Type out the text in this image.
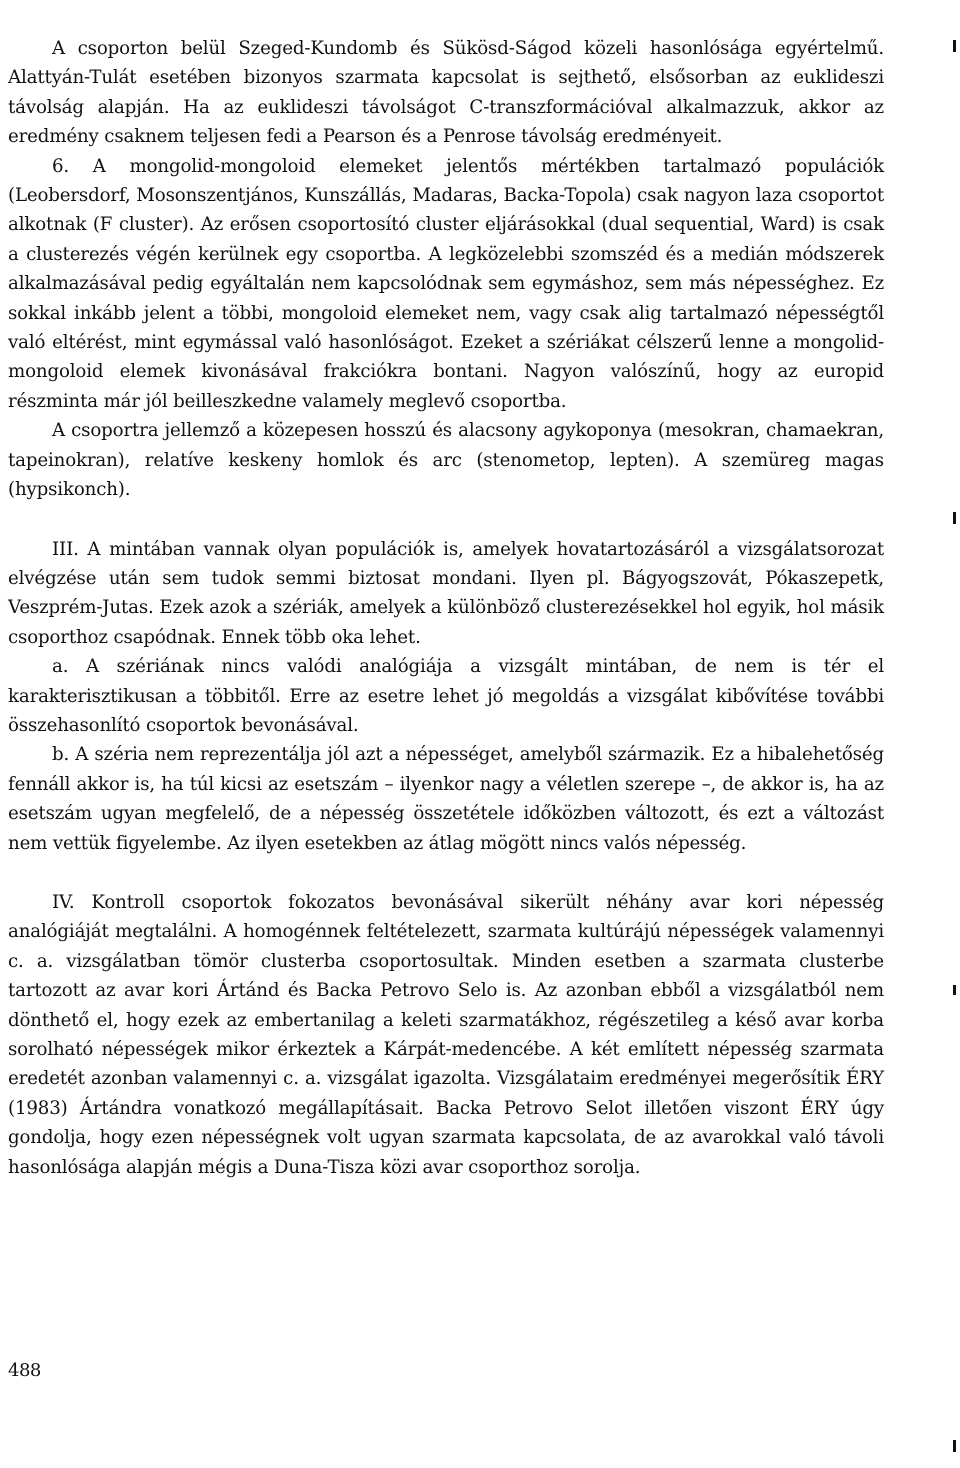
A csoporton belül Szeged-Kundomb és Sükösd-Ságod közeli hasonlósága egyértelmű. Alattyán-Tulát esetében bizonyos szarmata kapcsolat is sejthető, elsősorban az euklideszi távolság alapján. Ha az euklideszi távolságot C-transzformációval alkalmazzuk, akkor az eredmény csaknem teljesen fedi a Pearson és a Penrose távolság eredményeit.

6. A mongolid-mongoloid elemeket jelentős mértékben tartalmazó populációk (Leobersdorf, Mosonszentjános, Kunszállás, Madaras, Backa-Topola) csak nagyon laza csoportot alkotnak (F cluster). Az erősen csoportosító cluster eljárásokkal (dual sequential, Ward) is csak a clusterezés végén kerülnek egy csoportba. A legközelebbi szomszéd és a medián módszerek alkalmazásával pedig egyáltalán nem kapcsolódnak sem egymáshoz, sem más népességhez. Ez sokkal inkább jelent a többi, mongoloid elemeket nem, vagy csak alig tartalmazó népességtől való eltérést, mint egymással való hasonlóságot. Ezeket a szériákat célszerű lenne a mongolid-mongoloid elemek kivonásával frakciókra bontani. Nagyon valószínű, hogy az europid részminta már jól beilleszkedne valamely meglevő csoportba.

A csoportra jellemző a közepesen hosszú és alacsony agykoponya (mesokran, chamaekran, tapeinokran), relatíve keskeny homlok és arc (stenometop, lepten). A szemüreg magas (hypsikonch).

III. A mintában vannak olyan populációk is, amelyek hovatartozásáról a vizsgálatsorozat elvégzése után sem tudok semmi biztosat mondani. Ilyen pl. Bágyogszovát, Pókaszepetk, Veszprém-Jutas. Ezek azok a szériák, amelyek a különböző clusterezésekkel hol egyik, hol másik csoporthoz csapódnak. Ennek több oka lehet.

a. A szériának nincs valódi analógiája a vizsgált mintában, de nem is tér el karakterisztikusan a többitől. Erre az esetre lehet jó megoldás a vizsgálat kibővítése további összehasonlító csoportok bevonásával.

b. A széria nem reprezentálja jól azt a népességet, amelyből származik. Ez a hibalehetőség fennáll akkor is, ha túl kicsi az esetszám – ilyenkor nagy a véletlen szerepe –, de akkor is, ha az esetszám ugyan megfelelő, de a népesség összetétele időközben változott, és ezt a változást nem vettük figyelembe. Az ilyen esetekben az átlag mögött nincs valós népesség.

IV. Kontroll csoportok fokozatos bevonásával sikerült néhány avar kori népesség analógiáját megtalálni. A homogénnek feltételezett, szarmata kultúrájú népességek valamennyi c. a. vizsgálatban tömör clusterba csoportosultak. Minden esetben a szarmata clusterbe tartozott az avar kori Ártánd és Backa Petrovo Selo is. Az azonban ebből a vizsgálatból nem dönthető el, hogy ezek az embertanilag a keleti szarmatákhoz, régészetileg a késő avar korba sorolható népességek mikor érkeztek a Kárpát-medencébe. A két említett népesség szarmata eredetét azonban valamennyi c. a. vizsgálat igazolta. Vizsgálataim eredményei megerősítik ÉRY (1983) Ártándra vonatkozó megállapításait. Backa Petrovo Selot illetően viszont ÉRY úgy gondolja, hogy ezen népességnek volt ugyan szarmata kapcsolata, de az avarokkal való távoli hasonlósága alapján mégis a Duna-Tisza közi avar csoporthoz sorolja.

488
